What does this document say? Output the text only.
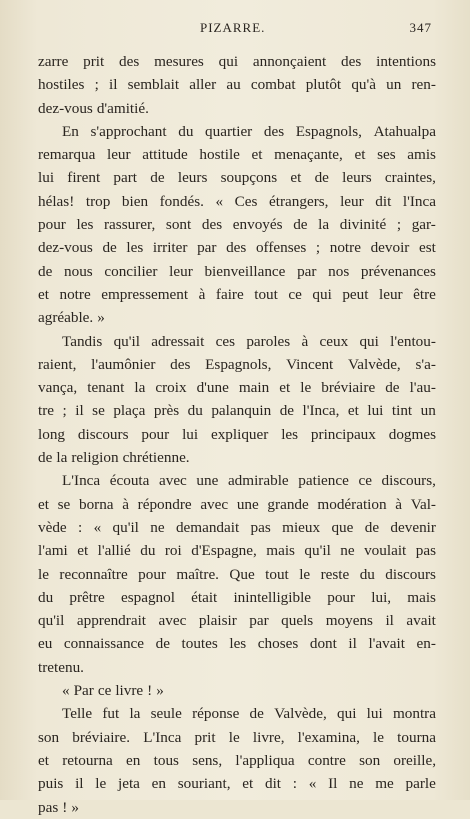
PIZARRE.	347
zarre prit des mesures qui annonçaient des intentions
hostiles ; il semblait aller au combat plutôt qu'à un ren-
dez-vous d'amitié.
En s'approchant du quartier des Espagnols, Atahualpa
remarqua leur attitude hostile et menaçante, et ses amis
lui firent part de leurs soupçons et de leurs craintes,
hélas! trop bien fondés. « Ces étrangers, leur dit l'Inca
pour les rassurer, sont des envoyés de la divinité ; gar-
dez-vous de les irriter par des offenses ; notre devoir est
de nous concilier leur bienveillance par nos prévenances
et notre empressement à faire tout ce qui peut leur être
agréable. »
Tandis qu'il adressait ces paroles à ceux qui l'entou-
raient, l'aumônier des Espagnols, Vincent Valvède, s'a-
vança, tenant la croix d'une main et le bréviaire de l'au-
tre ; il se plaça près du palanquin de l'Inca, et lui tint un
long discours pour lui expliquer les principaux dogmes
de la religion chrétienne.
L'Inca écouta avec une admirable patience ce discours,
et se borna à répondre avec une grande modération à Val-
vède : « qu'il ne demandait pas mieux que de devenir
l'ami et l'allié du roi d'Espagne, mais qu'il ne voulait pas
le reconnaître pour maître. Que tout le reste du discours
du prêtre espagnol était inintelligible pour lui, mais
qu'il apprendrait avec plaisir par quels moyens il avait
eu connaissance de toutes les choses dont il l'avait en-
tretenu.
« Par ce livre ! »
Telle fut la seule réponse de Valvède, qui lui montra
son bréviaire. L'Inca prit le livre, l'examina, le tourna
et retourna en tous sens, l'appliqua contre son oreille,
puis il le jeta en souriant, et dit : « Il ne me parle
pas ! »
